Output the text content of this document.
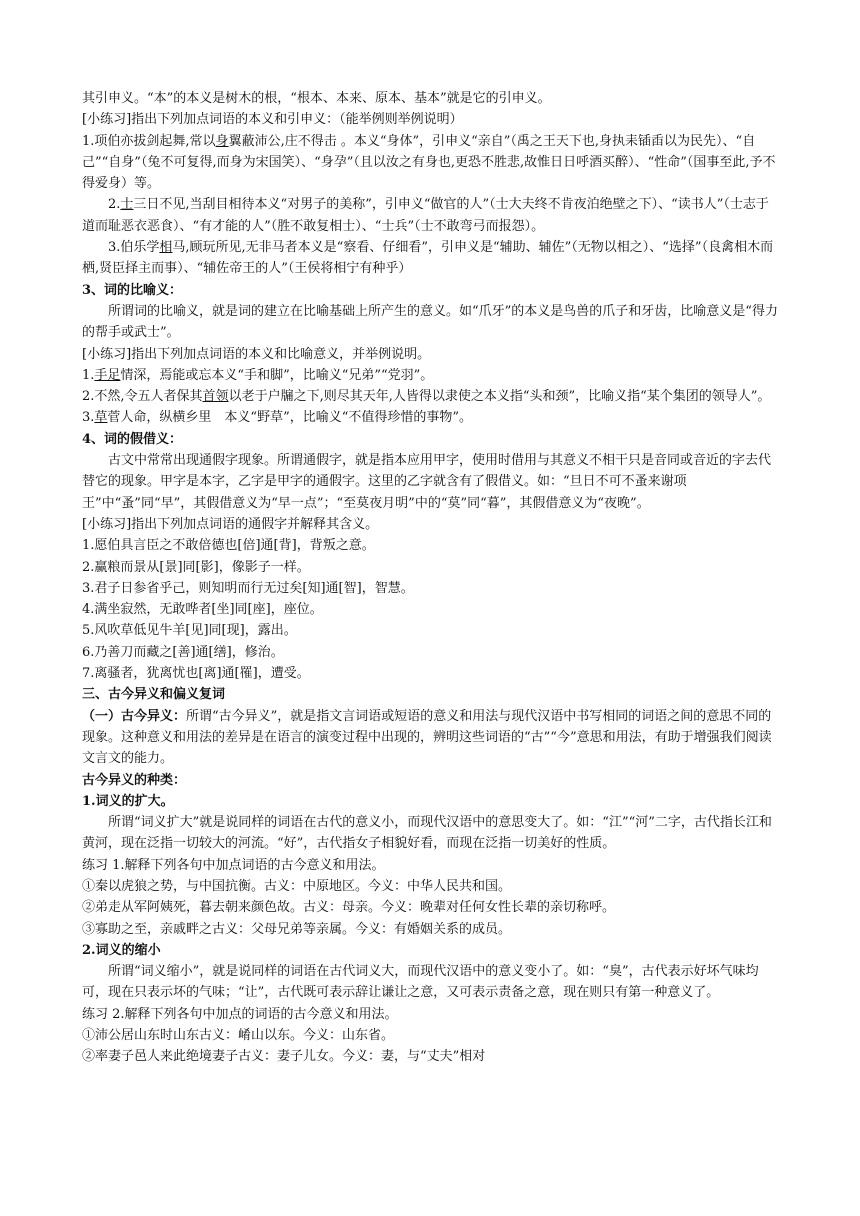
其引申义。“本”的本义是树木的根，“根本、本来、原本、基本”就是它的引申义。

[小练习]指出下列加点词语的本义和引申义：（能举例则举例说明）

1.项伯亦拔剑起舞,常以身翼蔽沛公,庄不得击 。本义“身体”，引申义“亲自”（禹之王天下也,身执耒锸臿以为民先）、“自己”“自身”（兔不可复得,而身为宋国笑）、“身孕”（且以汝之有身也,更恐不胜悲,故惟日日呼酒买醉）、“性命”（国事至此,予不得爱身）等。

2.士三日不见,当刮目相待本义“对男子的美称”，引申义“做官的人”（士大夫终不肯夜泊绝壁之下）、“读书人”（士志于道而耻恶衣恶食）、“有才能的人”（胜不敢复相士）、“士兵”（士不敢弯弓而报怨）。

3.伯乐学相马,顾玩所见,无非马者本义是“察看、仔细看”，引申义是“辅助、辅佐”（无物以相之）、“选择”（良禽相木而栖,贤臣择主而事）、“辅佐帝王的人”（王侯将相宁有种乎）

3、词的比喻义：

所谓词的比喻义，就是词的建立在比喻基础上所产生的意义。如“爪牙”的本义是鸟兽的爪子和牙齿，比喻意义是“得力的帮手或武士”。

[小练习]指出下列加点词语的本义和比喻意义，并举例说明。

1.手足情深，焉能或忘本义“手和脚”，比喻义“兄弟”“党羽”。

2.不然,令五人者保其首领以老于户牖之下,则尽其天年,人皆得以隶使之本义指“头和颈”，比喻义指“某个集团的领导人”。

3.草菅人命，纵横乡里　本义“野草”，比喻义“不值得珍惜的事物”。

4、词的假借义：

古文中常常出现通假字现象。所谓通假字，就是指本应用甲字，使用时借用与其意义不相干只是音同或音近的字去代替它的现象。甲字是本字，乙字是甲字的通假字。这里的乙字就含有了假借义。如：“旦日不可不蚤来谢项王”中“蚤”同“早”，其假借意义为“早一点”；“至莫夜月明”中的“莫”同“暮”，其假借意义为“夜晚”。

[小练习]指出下列加点词语的通假字并解释其含义。

1.愿伯具言臣之不敢倍德也[倍]通[背]，背叛之意。

2.赢粮而景从[景]同[影]，像影子一样。

3.君子日参省乎己，则知明而行无过矣[知]通[智]，智慧。

4.满坐寂然，无敢哗者[坐]同[座]，座位。

5.风吹草低见牛羊[见]同[现]，露出。

6.乃善刀而藏之[善]通[缮]，修治。

7.离骚者，犹离忧也[离]通[罹]，遭受。

三、古今异义和偏义复词

（一）古今异义：所谓“古今异义”，就是指文言词语或短语的意义和用法与现代汉语中书写相同的词语之间的意思不同的现象。这种意义和用法的差异是在语言的演变过程中出现的，辨明这些词语的“古”“今”意思和用法，有助于增强我们阅读文言文的能力。

古今异义的种类：

1.词义的扩大。

所谓“词义扩大”就是说同样的词语在古代的意义小，而现代汉语中的意思变大了。如：“江”“河”二字，古代指长江和黄河，现在泛指一切较大的河流。“好”，古代指女子相貌好看，而现在泛指一切美好的性质。

练习 1.解释下列各句中加点词语的古今意义和用法。

①秦以虎狼之势，与中国抗衡。古义：中原地区。今义：中华人民共和国。

②弟走从军阿姨死，暮去朝来颜色故。古义：母亲。今义：晚辈对任何女性长辈的亲切称呼。

③寡助之至，亲戚畔之古义：父母兄弟等亲属。今义：有婚姻关系的成员。

2.词义的缩小

所谓“词义缩小”，就是说同样的词语在古代词义大，而现代汉语中的意义变小了。如：“臭”，古代表示好坏气味均可，现在只表示坏的气味；“让”，古代既可表示辞让谦让之意，又可表示责备之意，现在则只有第一种意义了。

练习 2.解释下列各句中加点的词语的古今意义和用法。

①沛公居山东时山东古义：崤山以东。今义：山东省。

②率妻子邑人来此绝境妻子古义：妻子儿女。今义：妻，与“丈夫”相对
